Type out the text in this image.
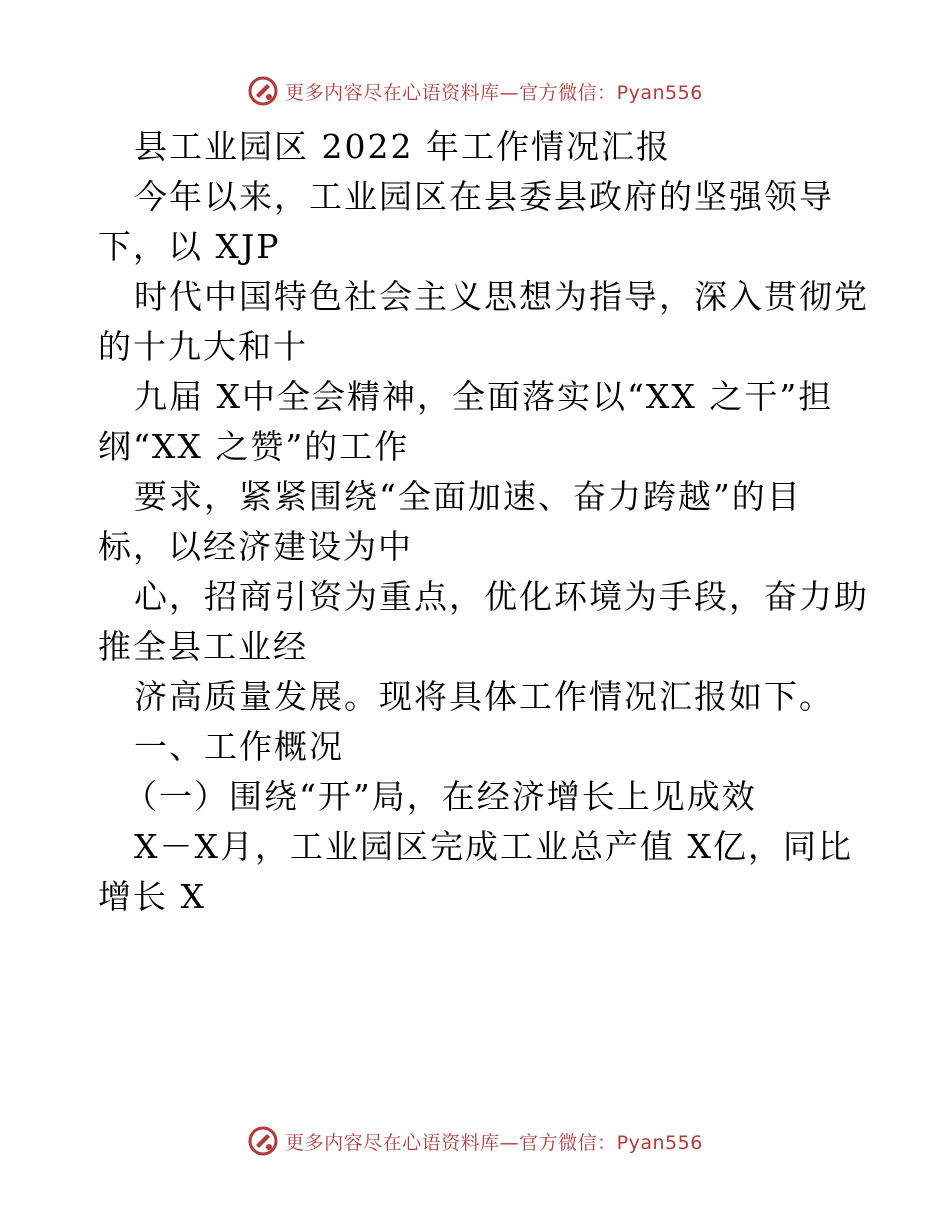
更多内容尽在心语资料库—官方微信：Pyan556
县工业园区 2022 年工作情况汇报
今年以来，工业园区在县委县政府的坚强领导
下，以 XJP
时代中国特色社会主义思想为指导，深入贯彻党
的十九大和十
九届 X中全会精神，全面落实以“XX 之干”担
纲“XX 之赞”的工作
要求，紧紧围绕“全面加速、奋力跨越”的目
标，以经济建设为中
心，招商引资为重点，优化环境为手段，奋力助
推全县工业经
济高质量发展。现将具体工作情况汇报如下。
一、工作概况
（一）围绕“开”局，在经济增长上见成效
X－X月，工业园区完成工业总产值 X亿，同比
增长 X
更多内容尽在心语资料库—官方微信：Pyan556
